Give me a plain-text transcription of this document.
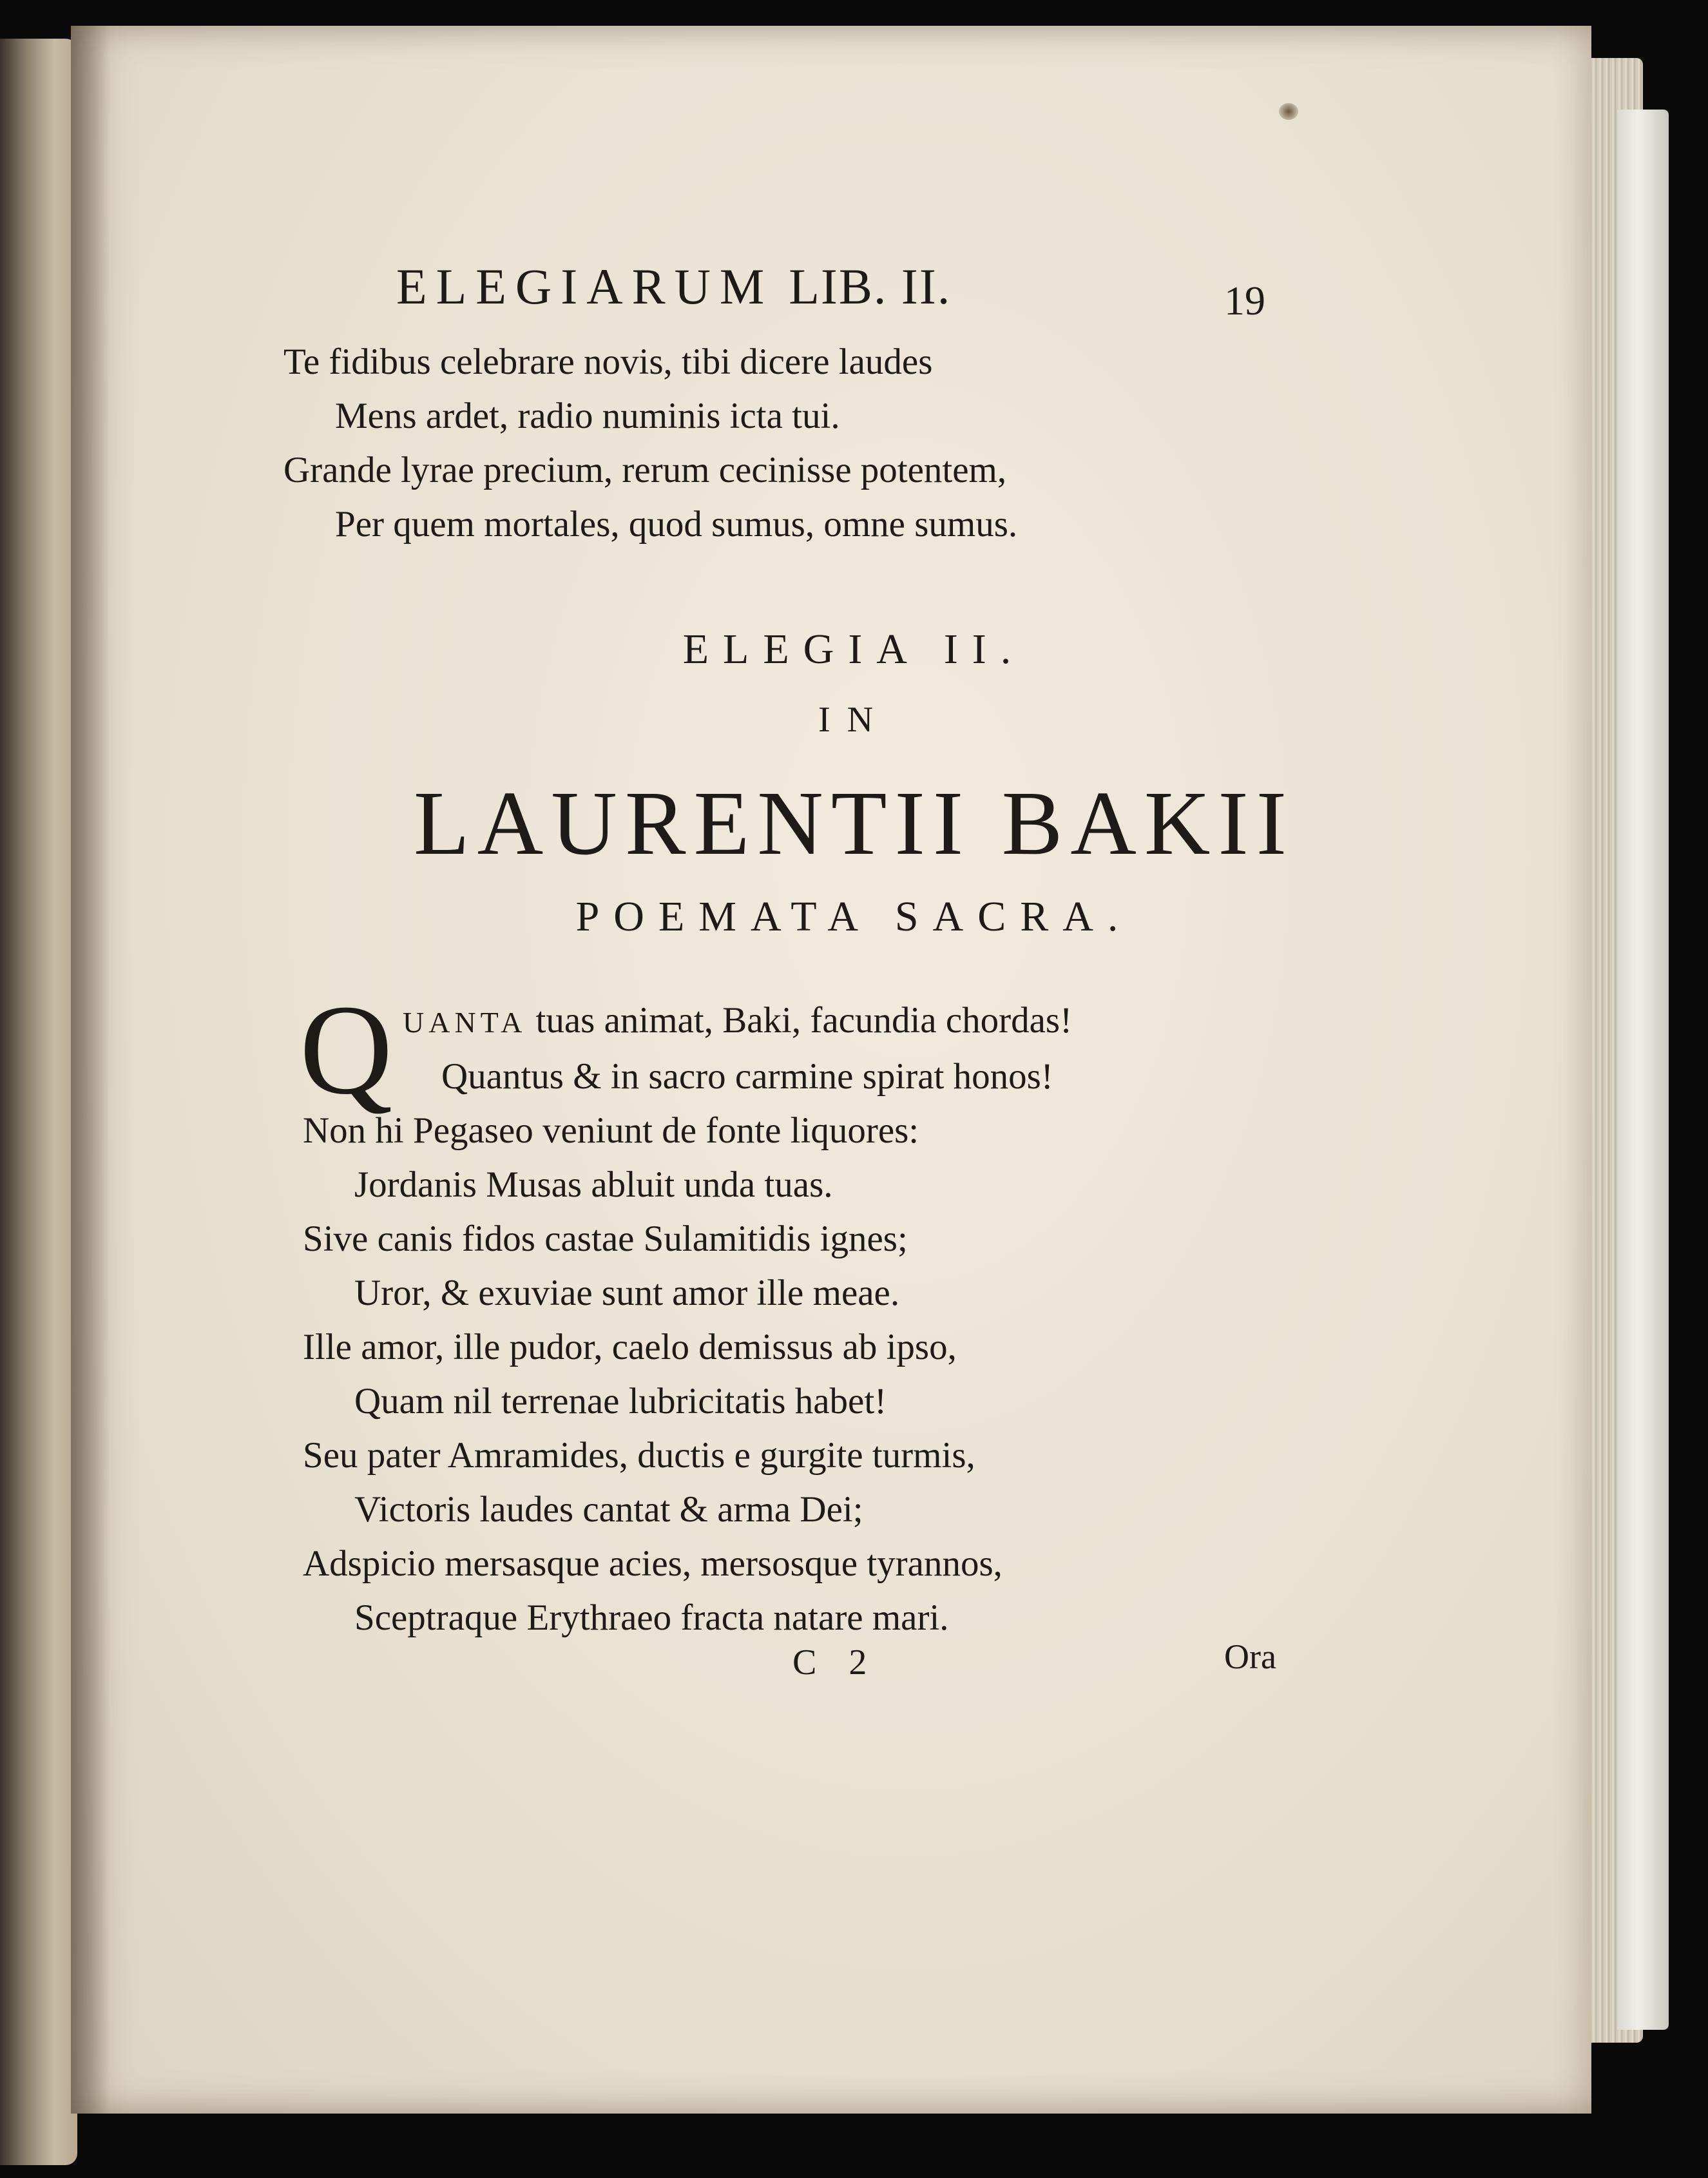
ELEGIARUM LIB. II.	19
Te fidibus celebrare novis, tibi dicere laudes
Mens ardet, radio numinis icta tui.
Grande lyrae precium, rerum cecinisse potentem,
Per quem mortales, quod sumus, omne sumus.
ELEGIA II.
IN
LAURENTII BAKII
POEMATA SACRA.
Q UANTA tuas animat, Baki, facundia chordas!
Quantus & in sacro carmine spirat honos!
Non hi Pegaseo veniunt de fonte liquores:
Jordanis Musas abluit unda tuas.
Sive canis fidos castae Sulamitidis ignes;
Uror, & exuviae sunt amor ille meae.
Ille amor, ille pudor, caelo demissus ab ipso,
Quam nil terrenae lubricitatis habet!
Seu pater Amramides, ductis e gurgite turmis,
Victoris laudes cantat & arma Dei;
Adspicio mersasque acies, mersosque tyrannos,
Sceptraque Erythraeo fracta natare mari.
C 2	Ora
